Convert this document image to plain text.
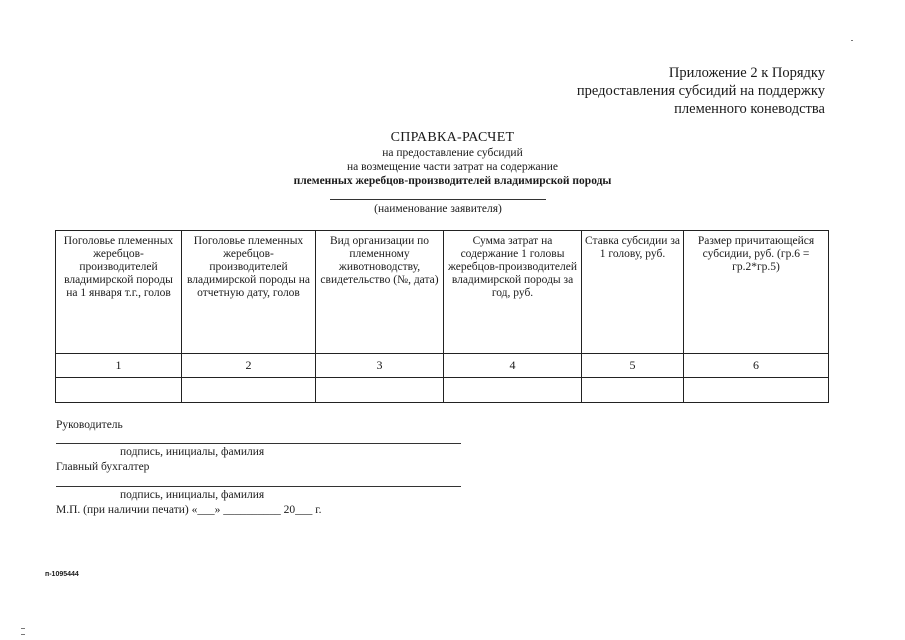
Приложение 2 к Порядку
предоставления субсидий на поддержку
племенного коневодства
СПРАВКА-РАСЧЕТ
на предоставление субсидий
на возмещение части затрат на содержание
племенных жеребцов-производителей владимирской породы
(наименование заявителя)
Поголовье племенных жеребцов-производителей владимирской породы на 1 января т.г., голов	Поголовье племенных жеребцов-производителей владимирской породы на отчетную дату, голов	Вид организации по племенному животноводству, свидетельство (№, дата)	Сумма затрат на содержание 1 головы жеребцов-производителей владимирской породы за год, руб.	Ставка субсидии за 1 голову, руб.	Размер причитающейся субсидии, руб. (гр.6 = гр.2*гр.5)
1	2	3	4	5	6

Руководитель
подпись, инициалы, фамилия
Главный бухгалтер
подпись, инициалы, фамилия
М.П. (при наличии печати) «___» __________ 20___ г.
п-1095444
